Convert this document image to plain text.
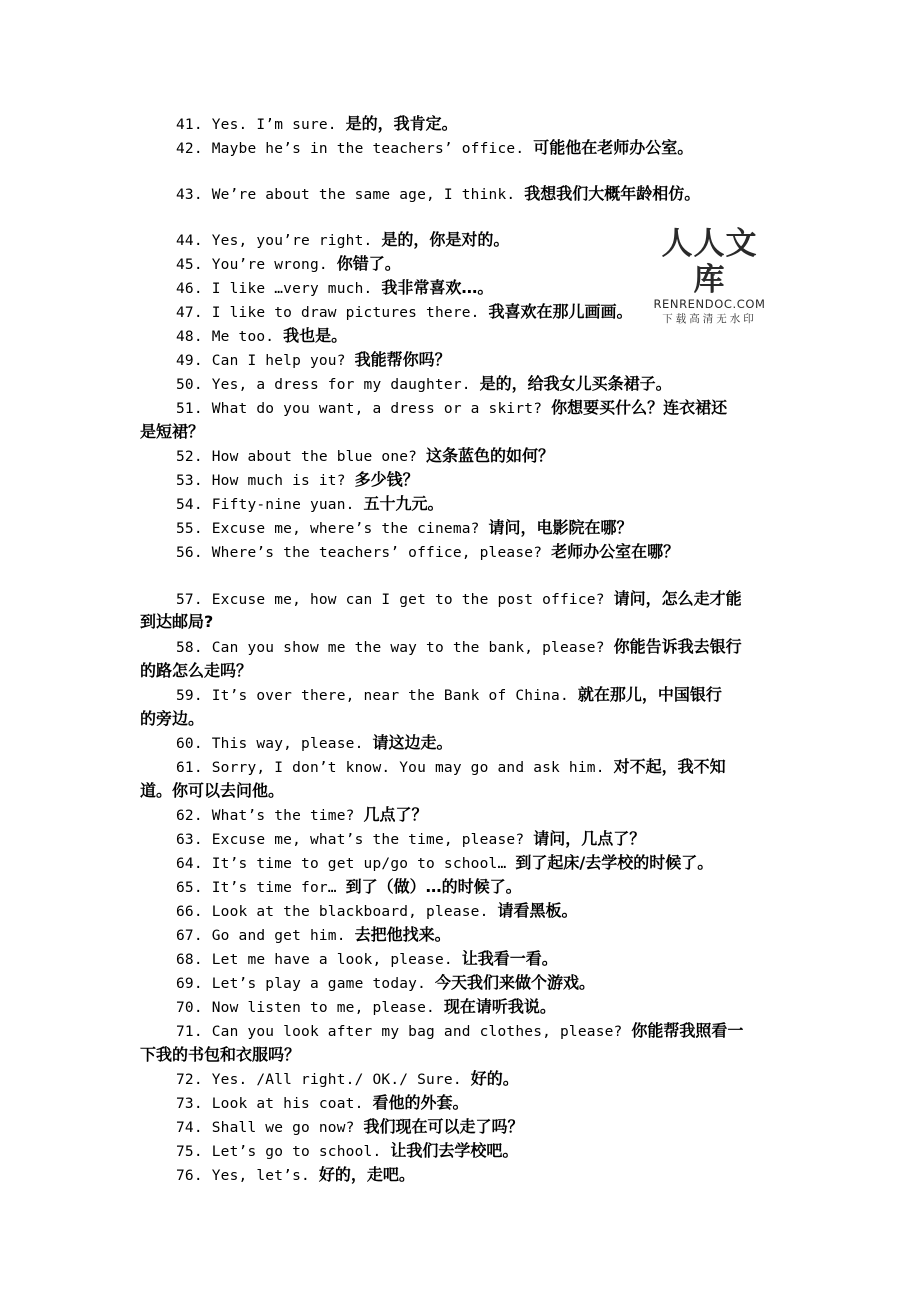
41. Yes. I’m sure. 是的，我肯定。
42. Maybe he’s in the teachers’ office. 可能他在老师办公室。
43. We’re about the same age, I think. 我想我们大概年龄相仿。
44. Yes, you’re right. 是的，你是对的。
45. You’re wrong. 你错了。
46. I like …very much. 我非常喜欢…。
47. I like to draw pictures there. 我喜欢在那儿画画。
48. Me too. 我也是。
49. Can I help you? 我能帮你吗？
50. Yes, a dress for my daughter. 是的，给我女儿买条裙子。
51. What do you want, a dress or a skirt? 你想要买什么？连衣裙还
是短裙？
52. How about the blue one? 这条蓝色的如何？
53. How much is it? 多少钱？
54. Fifty-nine yuan. 五十九元。
55. Excuse me, where’s the cinema? 请问，电影院在哪？
56. Where’s the teachers’ office, please? 老师办公室在哪？
57. Excuse me, how can I get to the post office? 请问，怎么走才能
到达邮局?
58. Can you show me the way to the bank, please? 你能告诉我去银行
的路怎么走吗？
59. It’s over there, near the Bank of China. 就在那儿，中国银行
的旁边。
60. This way, please. 请这边走。
61. Sorry, I don’t know. You may go and ask him. 对不起，我不知
道。你可以去问他。
62. What’s the time? 几点了？
63. Excuse me, what’s the time, please? 请问，几点了？
64. It’s time to get up/go to school… 到了起床/去学校的时候了。
65. It’s time for… 到了（做）…的时候了。
66. Look at the blackboard, please. 请看黑板。
67. Go and get him. 去把他找来。
68. Let me have a look, please. 让我看一看。
69. Let’s play a game today. 今天我们来做个游戏。
70. Now listen to me, please. 现在请听我说。
71. Can you look after my bag and clothes, please? 你能帮我照看一
下我的书包和衣服吗？
72. Yes. /All right./ OK./ Sure. 好的。
73. Look at his coat. 看他的外套。
74. Shall we go now? 我们现在可以走了吗？
75. Let’s go to school. 让我们去学校吧。
76. Yes, let’s. 好的，走吧。
人人文库
RENRENDOC.COM
下载高清无水印
